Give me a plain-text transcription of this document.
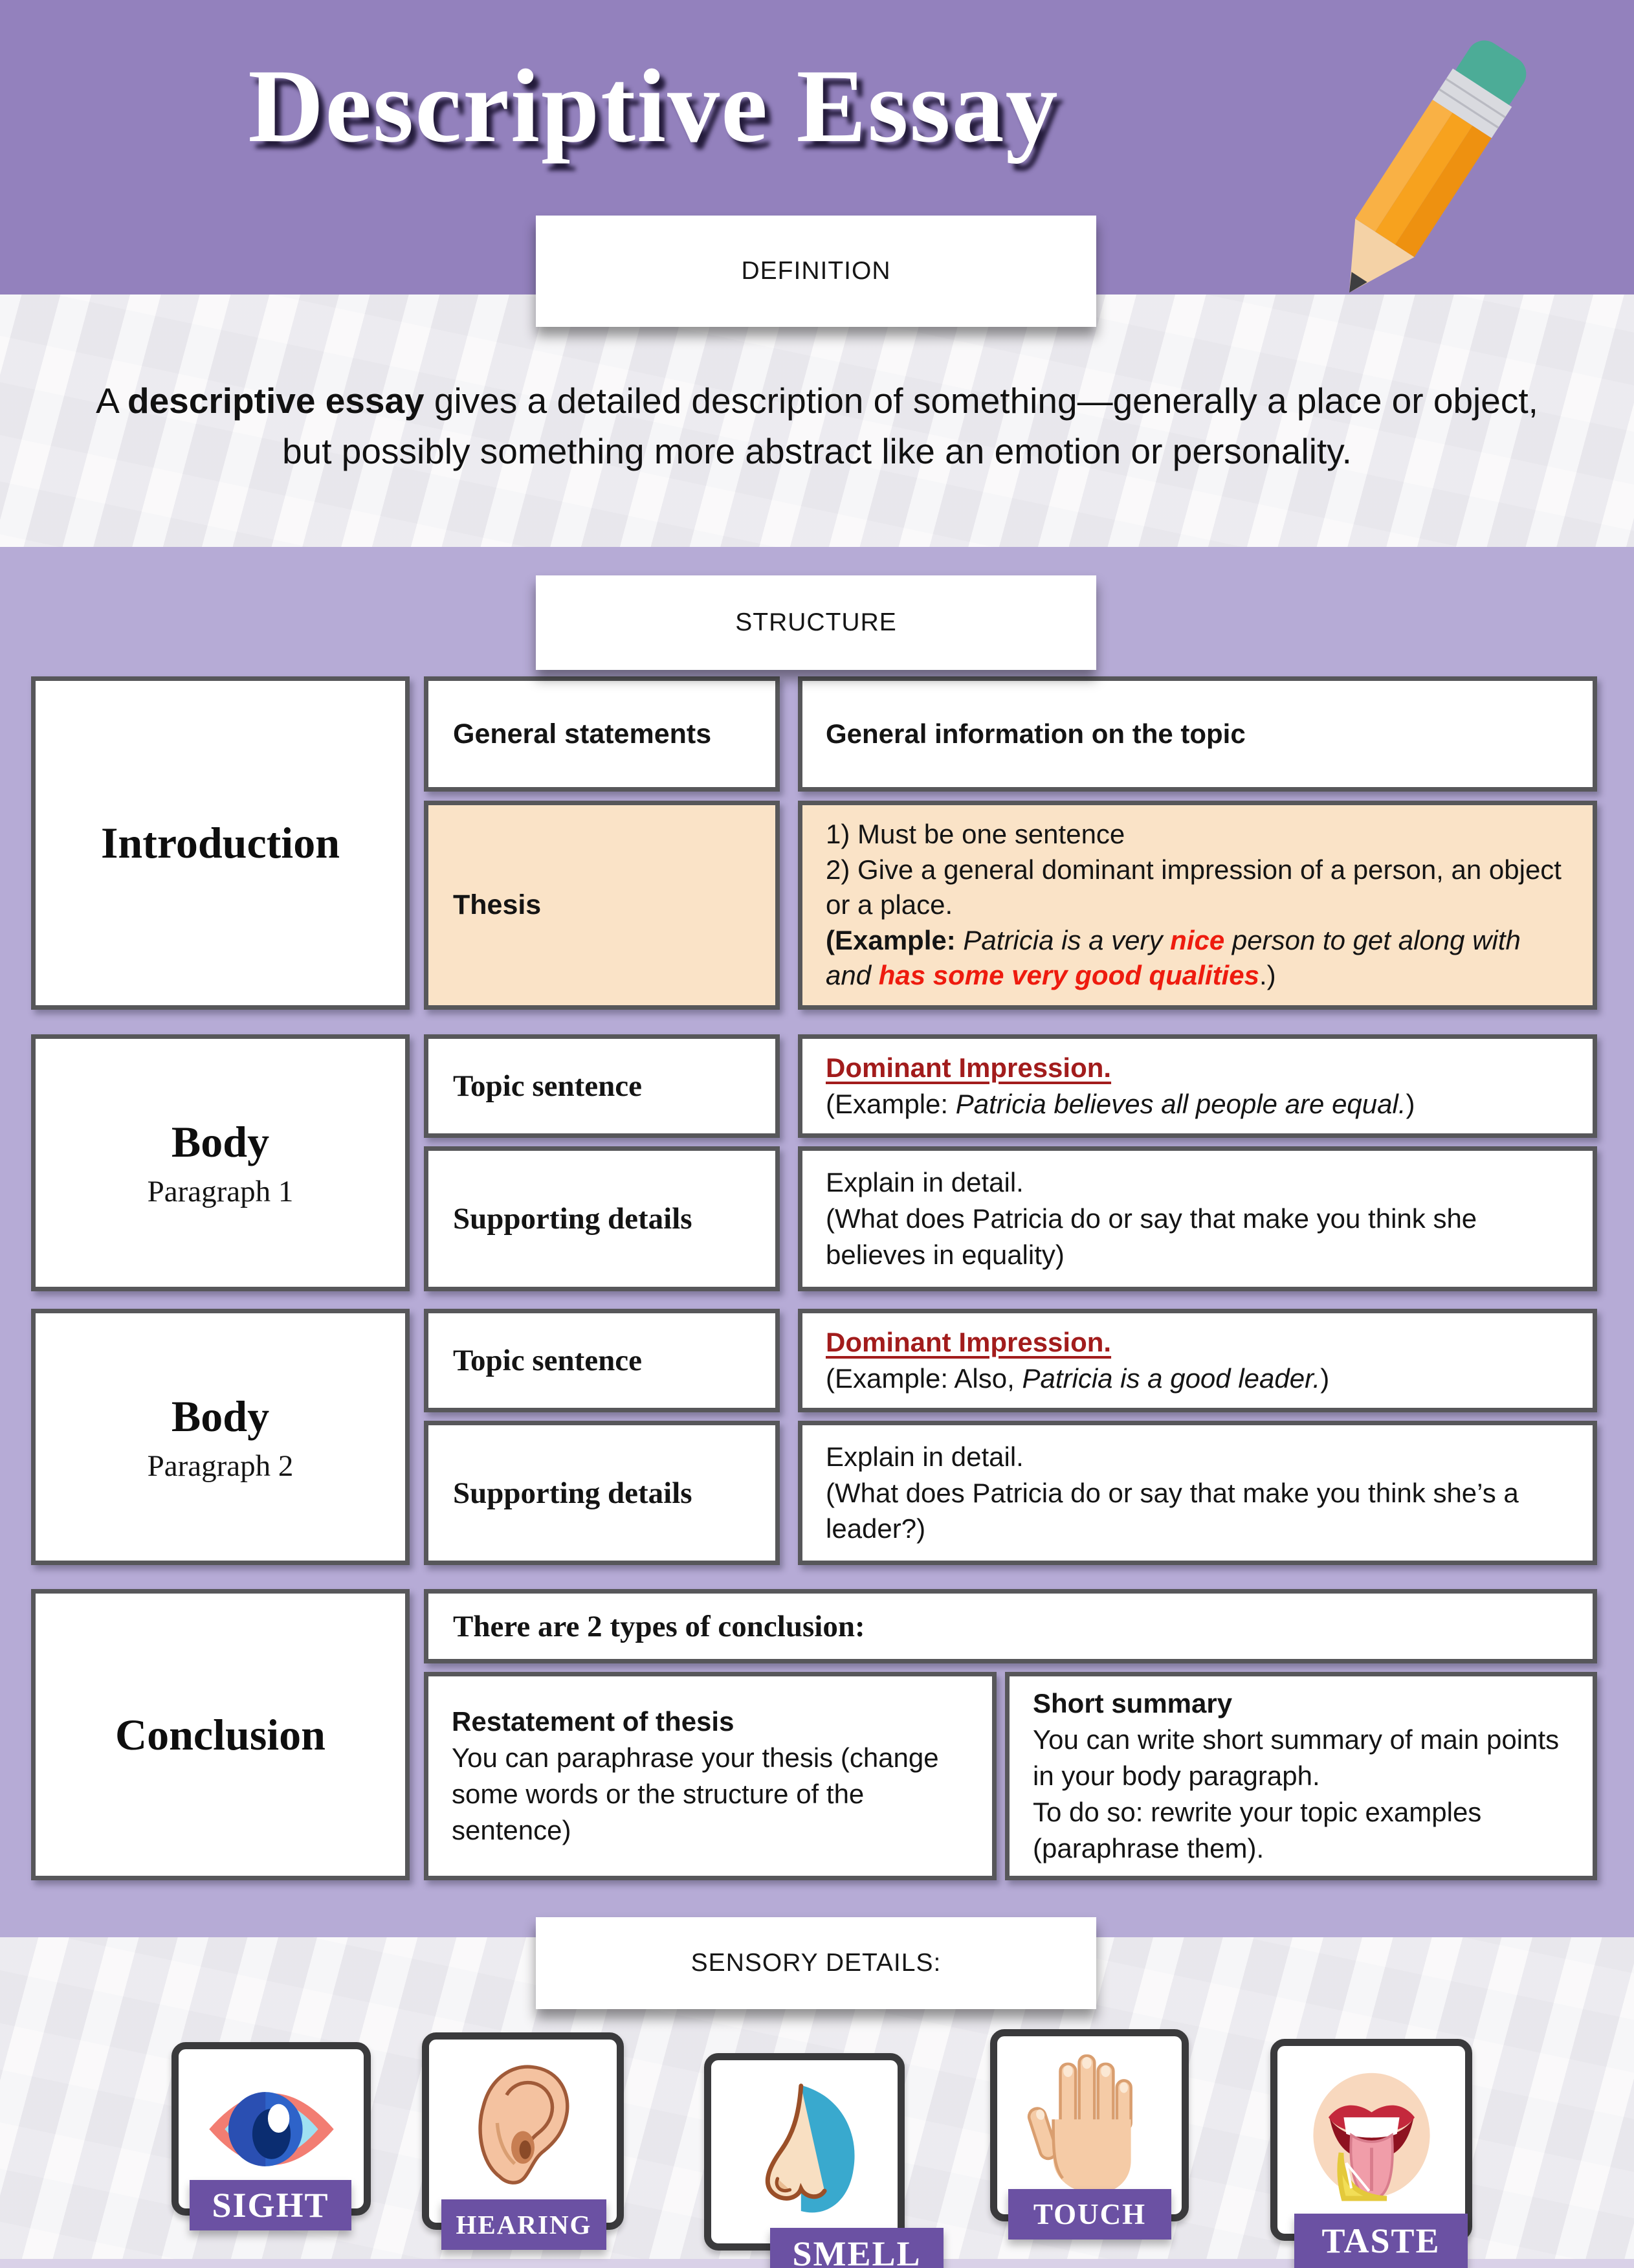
Descriptive Essay
DEFINITION

A descriptive essay gives a detailed description of something—generally a place or object, but possibly something more abstract like an emotion or personality.

STRUCTURE
Introduction
General statements	General information on the topic
Thesis
1) Must be one sentence
2) Give a general dominant impression of a person, an object or a place.
(Example: Patricia is a very nice person to get along with and has some very good qualities.)
Body
Paragraph 1
Topic sentence
Dominant Impression.
(Example: Patricia believes all people are equal.)
Supporting details
Explain in detail.
(What does Patricia do or say that make you think she believes in equality)
Body
Paragraph 2
Topic sentence
Dominant Impression.
(Example: Also, Patricia is a good leader.)
Supporting details
Explain in detail.
(What does Patricia do or say that make you think she’s a leader?)
Conclusion
There are 2 types of conclusion:
Restatement of thesis
You can paraphrase your thesis (change some words or the structure of the sentence)
Short summary
You can write short summary of main points in your body paragraph.
To do so: rewrite your topic examples (paraphrase them).
SENSORY DETAILS:
SIGHT	HEARING
SMELL
TOUCH
TASTE
